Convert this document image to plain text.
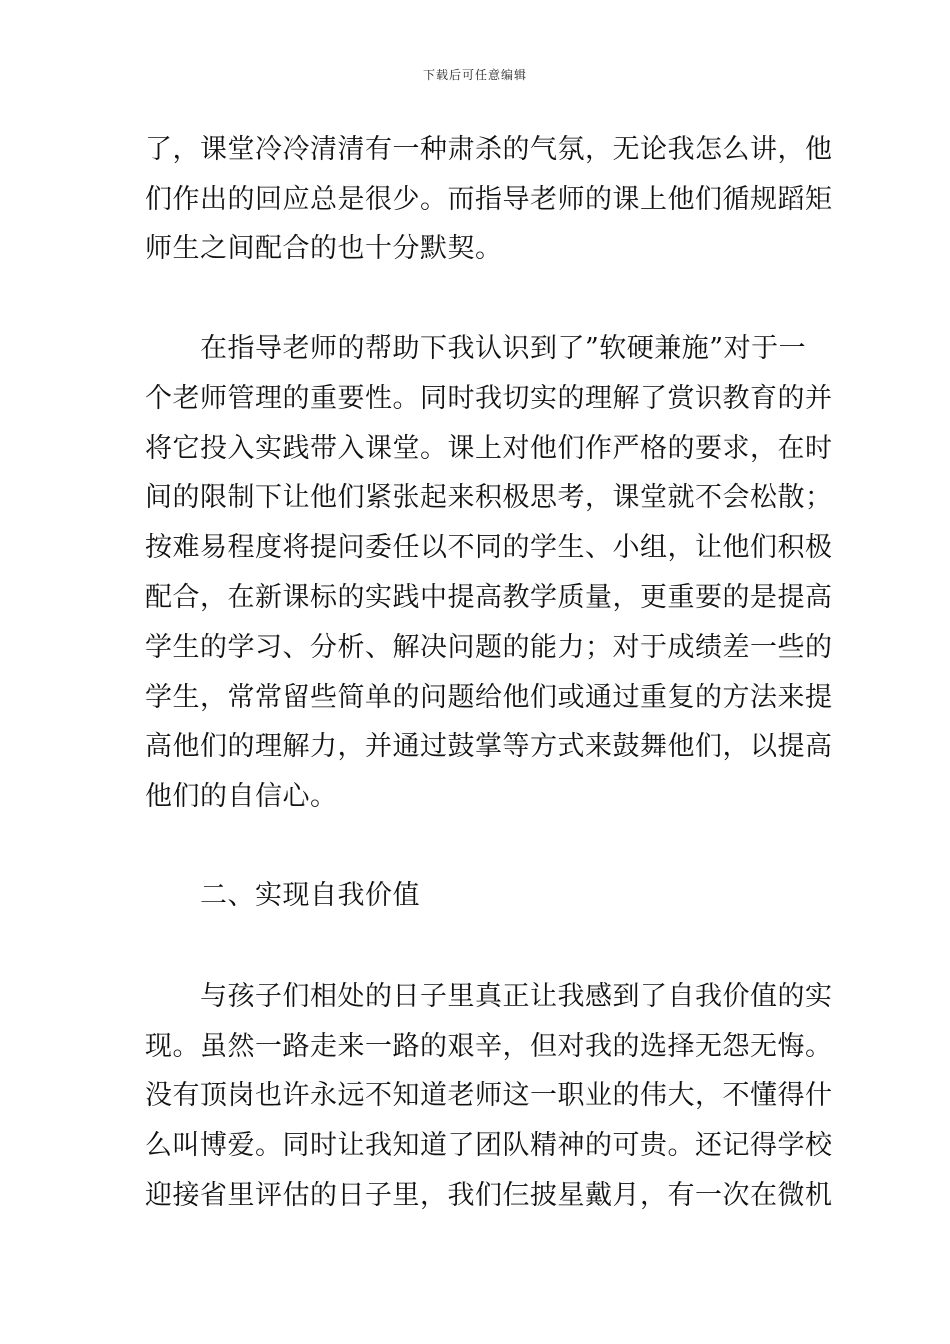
下载后可任意编辑
了，课堂冷冷清清有一种肃杀的气氛，无论我怎么讲，他
们作出的回应总是很少。而指导老师的课上他们循规蹈矩
师生之间配合的也十分默契。
　　在指导老师的帮助下我认识到了”软硬兼施”对于一
个老师管理的重要性。同时我切实的理解了赏识教育的并
将它投入实践带入课堂。课上对他们作严格的要求，在时
间的限制下让他们紧张起来积极思考，课堂就不会松散；
按难易程度将提问委任以不同的学生、小组，让他们积极
配合，在新课标的实践中提高教学质量，更重要的是提高
学生的学习、分析、解决问题的能力；对于成绩差一些的
学生，常常留些简单的问题给他们或通过重复的方法来提
高他们的理解力，并通过鼓掌等方式来鼓舞他们，以提高
他们的自信心。
　　二、实现自我价值
　　与孩子们相处的日子里真正让我感到了自我价值的实
现。虽然一路走来一路的艰辛，但对我的选择无怨无悔。
没有顶岗也许永远不知道老师这一职业的伟大，不懂得什
么叫博爱。同时让我知道了团队精神的可贵。还记得学校
迎接省里评估的日子里，我们仨披星戴月，有一次在微机
